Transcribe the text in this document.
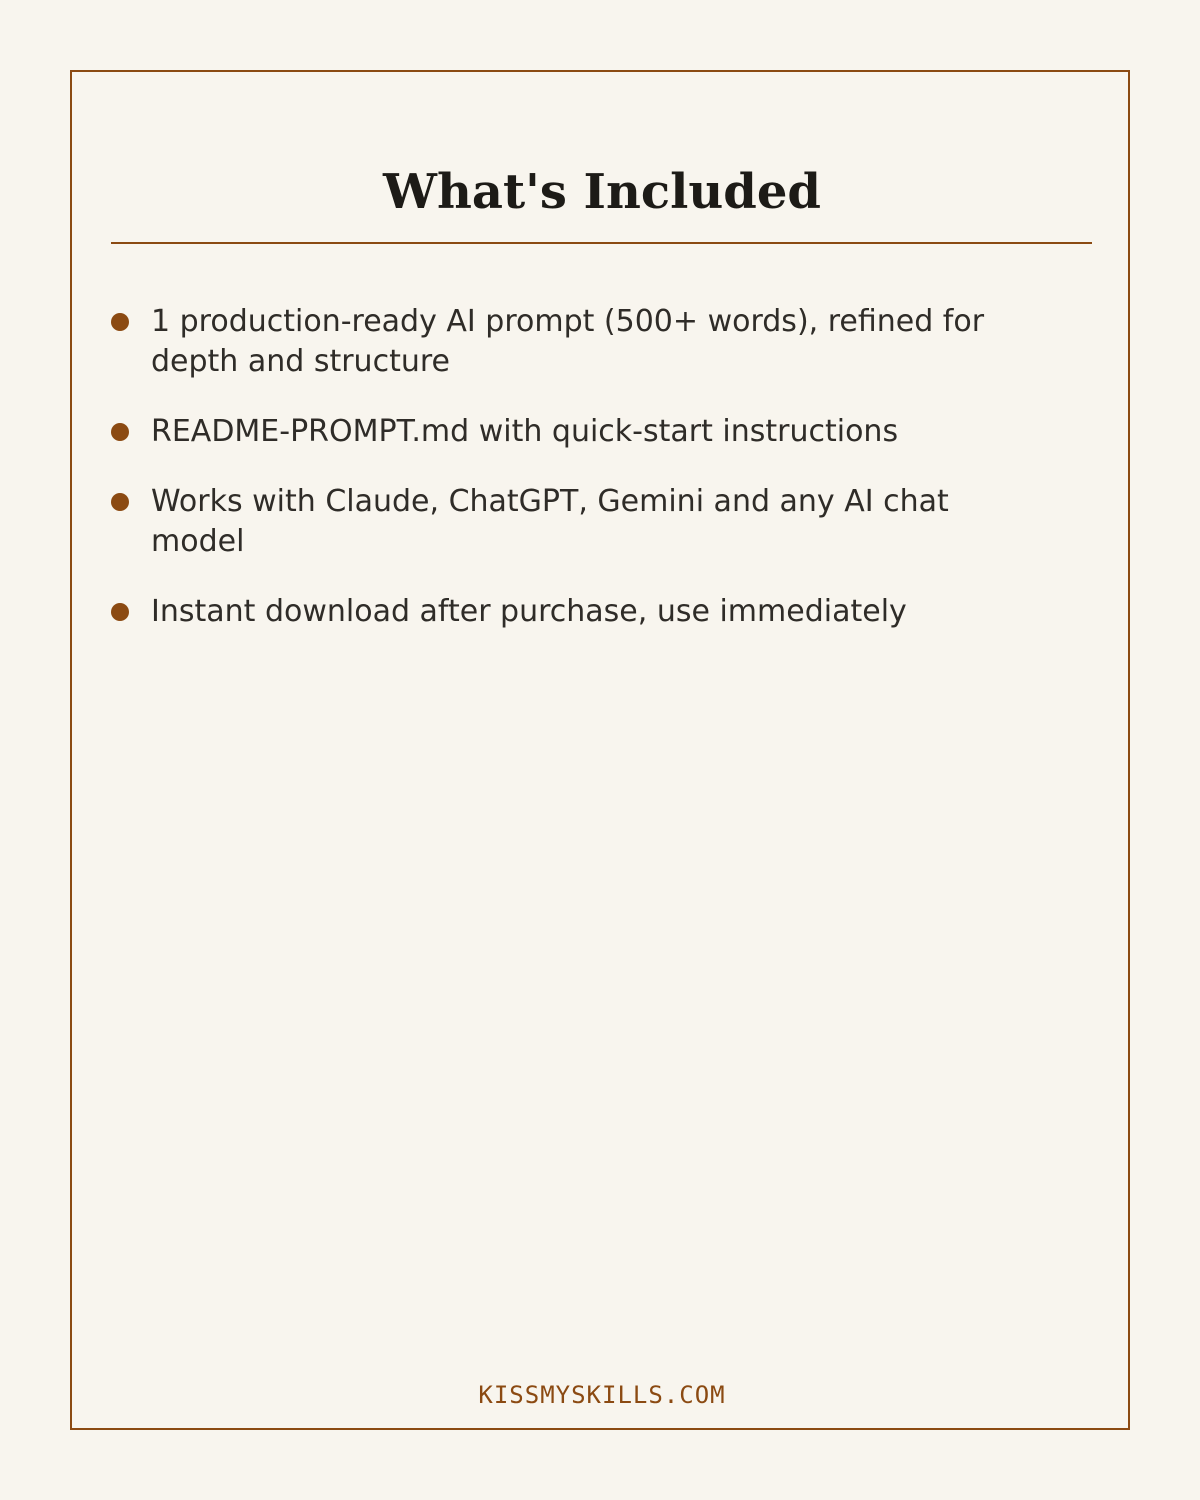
What's Included
1 production-ready AI prompt (500+ words), refined for depth and structure
README-PROMPT.md with quick-start instructions
Works with Claude, ChatGPT, Gemini and any AI chat model
Instant download after purchase, use immediately
KISSMYSKILLS.COM
